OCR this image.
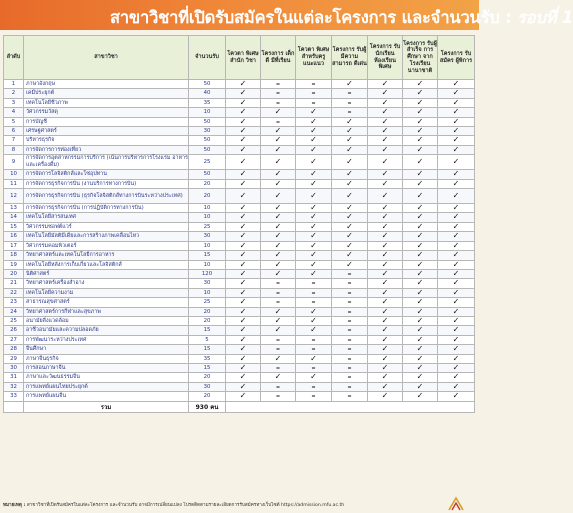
สาขาวิชาที่เปิดรับสมัครในแต่ละโครงการ และจำนวนรับ : รอบที่ 1
ลำดับ	สาขาวิชา	จำนวนรับ	โควตา พิเศษ สำนัก วิชา	โครงการ เด็กดี มีที่เรียน	โควตา พิเศษ สำหรับครู แนะแนว	โครงการ รับผู้มีความ สามารถ ดีเด่น	โครงการ รับนักเรียน ห้องเรียน พิเศษ	โครงการ รับผู้สำเร็จ การศึกษา จากโรงเรียน นานาชาติ	โครงการ รับสมัคร ผู้พิการ
1	ภาษาอังกฤษ	50	✓	–	–	✓	✓	✓	✓
2	เคมีประยุกต์	40	✓	–	–	–	✓	✓	✓
3	เทคโนโลยีชีวภาพ	35	✓	–	–	–	✓	✓	✓
4	วัศวกรรมวัสดุ	10	✓	✓	✓	–	✓	✓	✓
5	การบัญชี	50	✓	–	✓	✓	✓	✓	✓
6	เศรษฐศาสตร์	30	✓	✓	✓	✓	✓	✓	✓
7	บริหารธุรกิจ	50	✓	✓	✓	✓	✓	✓	✓
8	การจัดการการท่องเที่ยว	50	✓	✓	✓	✓	✓	✓	✓
9	การจัดการอุตสาหกรรมการบริการ (เน้นการบริหารการโรงแรม อาหาร และเครื่องดื่ม)	25	✓	✓	✓	✓	✓	✓	✓
10	การจัดการโลจิสติกส์และโซ่อุปทาน	50	✓	✓	✓	✓	✓	✓	✓
11	การจัดการธุรกิจการบิน (งานบริการทางการบิน)	20	✓	✓	✓	✓	✓	✓	✓
12	การจัดการธุรกิจการบิน (ธุรกิจโลจิสติกส์ทางการบินระหว่างประเทศ)	20	✓	✓	✓	✓	✓	✓	✓
13	การจัดการธุรกิจการบิน (การปฏิบัติการทางการบิน)	10	✓	✓	✓	✓	✓	✓	✓
14	เทคโนโลยีสารสนเทศ	10	✓	✓	✓	✓	✓	✓	✓
15	วิศวกรรมซอฟต์แวร์	25	✓	✓	✓	✓	✓	✓	✓
16	เทคโนโลยีมัลติมีเดียและการสร้างภาพเคลื่อนไหว	30	✓	✓	✓	✓	✓	✓	✓
17	วิศวกรรมคอมพิวเตอร์	10	✓	✓	✓	✓	✓	✓	✓
18	วิทยาศาสตร์และเทคโนโลยีการอาหาร	15	✓	✓	✓	✓	✓	✓	✓
19	เทคโนโลยีหลังการเก็บเกี่ยวและโลจิสติกส์	10	✓	✓	✓	✓	✓	✓	✓
20	นิติศาสตร์	120	✓	✓	✓	–	✓	✓	✓
21	วิทยาศาสตร์เครื่องสำอาง	30	✓	–	–	–	✓	✓	✓
22	เทคโนโลยีความงาม	10	✓	–	–	–	✓	✓	✓
23	สาธารณสุขศาสตร์	25	✓	–	–	–	✓	✓	✓
24	วิทยาศาสตร์การกีฬาและสุขภาพ	20	✓	✓	✓	–	✓	✓	✓
25	อนามัยสิ่งแวดล้อม	20	✓	✓	✓	–	✓	✓	✓
26	อาชีวอนามัยและความปลอดภัย	15	✓	✓	✓	–	✓	✓	✓
27	การพัฒนาระหว่างประเทศ	5	✓	–	–	–	✓	✓	✓
28	จีนศึกษา	15	✓	–	–	–	✓	✓	✓
29	ภาษาจีนธุรกิจ	35	✓	✓	✓	–	✓	✓	✓
30	การสอนภาษาจีน	15	✓	–	–	–	✓	✓	✓
31	ภาษาและวัฒนธรรมจีน	20	✓	✓	✓	–	✓	✓	✓
32	การแพทย์แผนไทยประยุกต์	30	✓	–	–	–	✓	✓	✓
33	การแพทย์แผนจีน	20	✓	–	–	–	✓	✓	✓
	รวม	930 คน							
หมายเหตุ : สาขาวิชาที่เปิดรับสมัครในแต่ละโครงการ และจำนวนรับ อาจมีการเปลี่ยนแปลง โปรดติดตามรายละเอียดการรับสมัครทางเว็บไซต์ https://admission.mfu.ac.th
